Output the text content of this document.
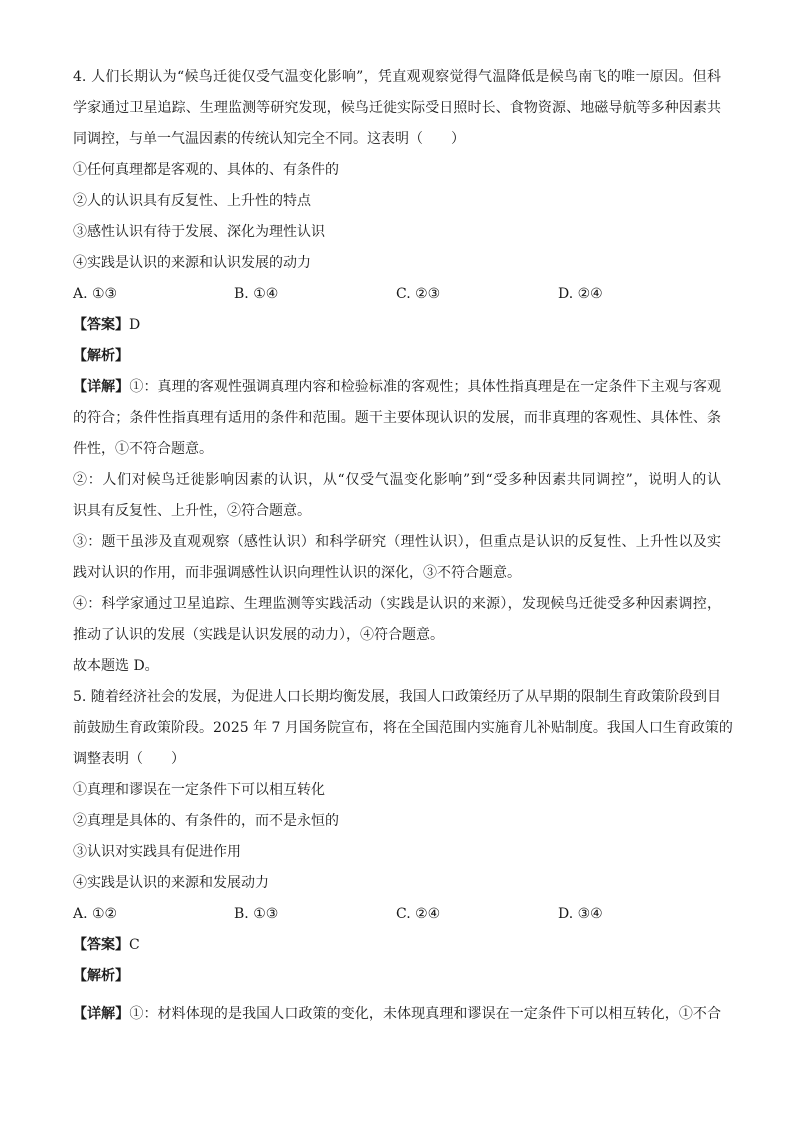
4. 人们长期认为“候鸟迁徙仅受气温变化影响”，凭直观观察觉得气温降低是候鸟南飞的唯一原因。但科
学家通过卫星追踪、生理监测等研究发现，候鸟迁徙实际受日照时长、食物资源、地磁导航等多种因素共
同调控，与单一气温因素的传统认知完全不同。这表明（　　）
①任何真理都是客观的、具体的、有条件的
②人的认识具有反复性、上升性的特点
③感性认识有待于发展、深化为理性认识
④实践是认识的来源和认识发展的动力
A. ①③	B. ①④	C. ②③	D. ②④
【答案】D
【解析】
【详解】①：真理的客观性强调真理内容和检验标准的客观性；具体性指真理是在一定条件下主观与客观
的符合；条件性指真理有适用的条件和范围。题干主要体现认识的发展，而非真理的客观性、具体性、条
件性，①不符合题意。
②：人们对候鸟迁徙影响因素的认识，从“仅受气温变化影响”到“受多种因素共同调控”，说明人的认
识具有反复性、上升性，②符合题意。
③：题干虽涉及直观观察（感性认识）和科学研究（理性认识），但重点是认识的反复性、上升性以及实
践对认识的作用，而非强调感性认识向理性认识的深化，③不符合题意。
④：科学家通过卫星追踪、生理监测等实践活动（实践是认识的来源），发现候鸟迁徙受多种因素调控，
推动了认识的发展（实践是认识发展的动力），④符合题意。
故本题选 D。
5. 随着经济社会的发展，为促进人口长期均衡发展，我国人口政策经历了从早期的限制生育政策阶段到目
前鼓励生育政策阶段。2025 年 7 月国务院宣布，将在全国范围内实施育儿补贴制度。我国人口生育政策的
调整表明（　　）
①真理和谬误在一定条件下可以相互转化
②真理是具体的、有条件的，而不是永恒的
③认识对实践具有促进作用
④实践是认识的来源和发展动力
A. ①②	B. ①③	C. ②④	D. ③④
【答案】C
【解析】
【详解】①：材料体现的是我国人口政策的变化，未体现真理和谬误在一定条件下可以相互转化，①不合
